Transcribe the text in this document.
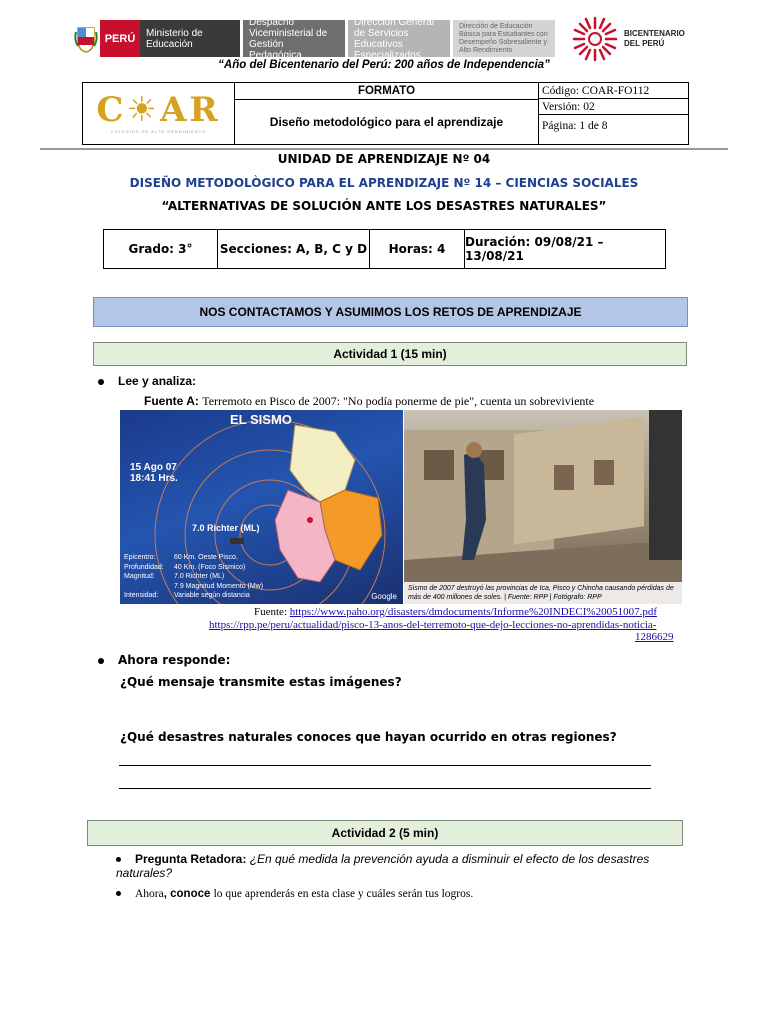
PERÚ	Ministerio de Educación
Despacho Viceministerial de Gestión Pedagógica
Dirección General de Servicios Educativos Especializados
Dirección de Educación Básica para Estudiantes con Desempeño Sobresaliente y Alto Rendimiento
BICENTENARIO
DEL PERÚ
“Año del Bicentenario del Perú: 200 años de Independencia”
C☀AR
COLEGIOS DE ALTO RENDIMIENTO
FORMATO
Diseño metodológico para el aprendizaje
Código: COAR-FO112
Versión: 02
Página: 1 de 8
UNIDAD DE APRENDIZAJE Nº 04
DISEÑO METODOLÒGICO PARA EL APRENDIZAJE Nº 14 – CIENCIAS SOCIALES
“ALTERNATIVAS DE SOLUCIÓN ANTE LOS DESASTRES NATURALES”
Grado: 3°	Secciones: A, B, C y D	Horas: 4	Duración: 09/08/21 – 13/08/21
NOS CONTACTAMOS Y ASUMIMOS LOS RETOS DE APRENDIZAJE
Actividad 1 (15 min)
Lee y analiza:
Fuente A: Terremoto en Pisco de 2007: "No podía ponerme de pie", cuenta un sobreviviente
EL SISMO
15 Ago 07
18:41 Hrs.
7.0 Richter (ML)
Epicentro:	60 Km. Oeste Pisco.
Profundidad:	40 Km. (Foco Sísmico)
Magnitud:	7.0 Richter (ML)
7.9 Magnitud Momento (Mw)
Intensidad:	Variable según distancia	Google
Sismo de 2007 destruyó las provincias de Ica, Pisco y Chincha causando pérdidas de más de 400 millones de soles. | Fuente: RPP | Fotógrafo: RPP
Fuente: https://www.paho.org/disasters/dmdocuments/Informe%20INDECI%20051007.pdf
https://rpp.pe/peru/actualidad/pisco-13-anos-del-terremoto-que-dejo-lecciones-no-aprendidas-noticia-
1286629
Ahora responde:
¿Qué mensaje transmite estas imágenes?
¿Qué desastres naturales conoces que hayan ocurrido en otras regiones?
Actividad 2 (5 min)
Pregunta Retadora: ¿En qué medida la prevención ayuda a disminuir el efecto de los desastres naturales?
Ahora, conoce lo que aprenderás en esta clase y cuáles serán tus logros.
